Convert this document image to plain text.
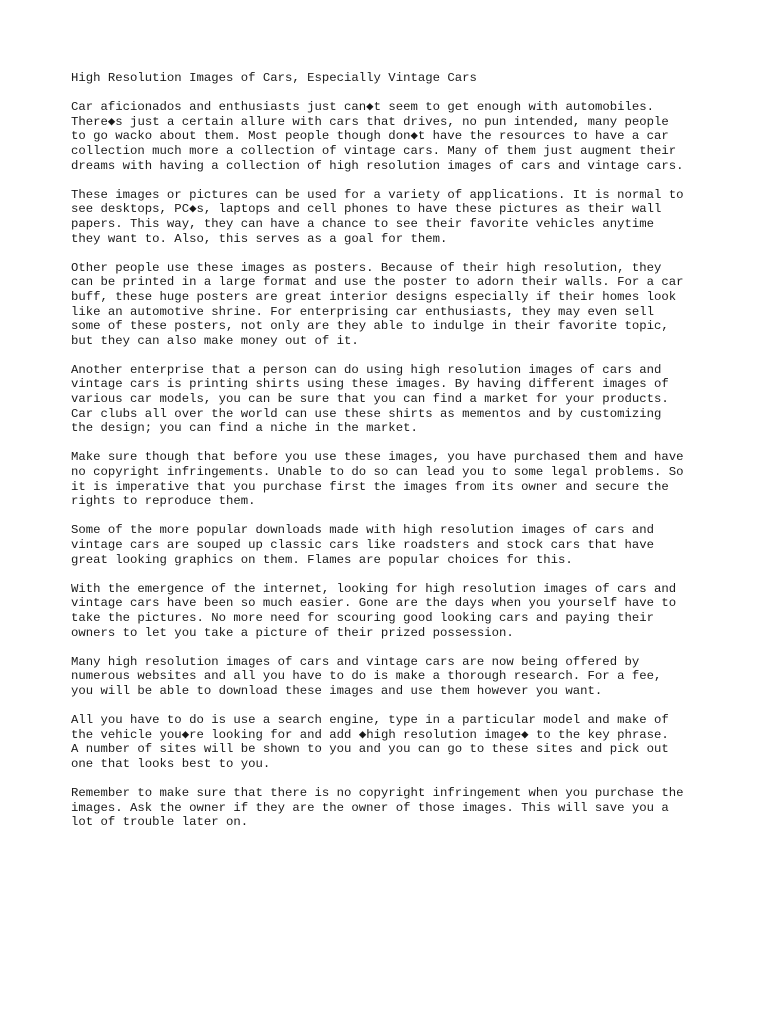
High Resolution Images of Cars, Especially Vintage Cars
Car aficionados and enthusiasts just can◆t seem to get enough with automobiles.
There◆s just a certain allure with cars that drives, no pun intended, many people
to go wacko about them. Most people though don◆t have the resources to have a car
collection much more a collection of vintage cars. Many of them just augment their
dreams with having a collection of high resolution images of cars and vintage cars.
These images or pictures can be used for a variety of applications. It is normal to
see desktops, PC◆s, laptops and cell phones to have these pictures as their wall
papers. This way, they can have a chance to see their favorite vehicles anytime
they want to. Also, this serves as a goal for them.
Other people use these images as posters. Because of their high resolution, they
can be printed in a large format and use the poster to adorn their walls. For a car
buff, these huge posters are great interior designs especially if their homes look
like an automotive shrine. For enterprising car enthusiasts, they may even sell
some of these posters, not only are they able to indulge in their favorite topic,
but they can also make money out of it.
Another enterprise that a person can do using high resolution images of cars and
vintage cars is printing shirts using these images. By having different images of
various car models, you can be sure that you can find a market for your products.
Car clubs all over the world can use these shirts as mementos and by customizing
the design; you can find a niche in the market.
Make sure though that before you use these images, you have purchased them and have
no copyright infringements. Unable to do so can lead you to some legal problems. So
it is imperative that you purchase first the images from its owner and secure the
rights to reproduce them.
Some of the more popular downloads made with high resolution images of cars and
vintage cars are souped up classic cars like roadsters and stock cars that have
great looking graphics on them. Flames are popular choices for this.
With the emergence of the internet, looking for high resolution images of cars and
vintage cars have been so much easier. Gone are the days when you yourself have to
take the pictures. No more need for scouring good looking cars and paying their
owners to let you take a picture of their prized possession.
Many high resolution images of cars and vintage cars are now being offered by
numerous websites and all you have to do is make a thorough research. For a fee,
you will be able to download these images and use them however you want.
All you have to do is use a search engine, type in a particular model and make of
the vehicle you◆re looking for and add ◆high resolution image◆ to the key phrase.
A number of sites will be shown to you and you can go to these sites and pick out
one that looks best to you.
Remember to make sure that there is no copyright infringement when you purchase the
images. Ask the owner if they are the owner of those images. This will save you a
lot of trouble later on.
